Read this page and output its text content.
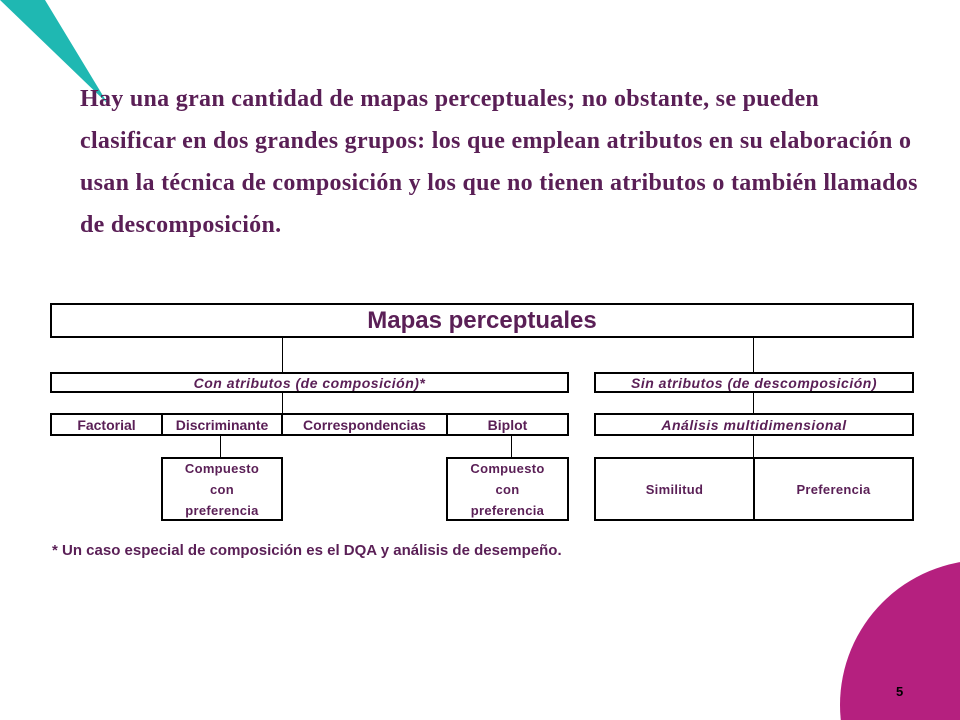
Hay una gran cantidad de mapas perceptuales; no obstante, se pueden clasificar en dos grandes grupos: los que emplean atributos en su elaboración o usan la técnica de composición y los que no tienen atributos o también llamados de descomposición.

Mapas perceptuales
Con atributos (de composición)*	Sin atributos (de descomposición)
Factorial	Discriminante	Correspondencias	Biplot	Análisis multidimensional
Compuesto
con
preferencia
Compuesto
con
preferencia
Similitud	Preferencia
* Un caso especial de composición es el DQA y análisis de desempeño.
5
